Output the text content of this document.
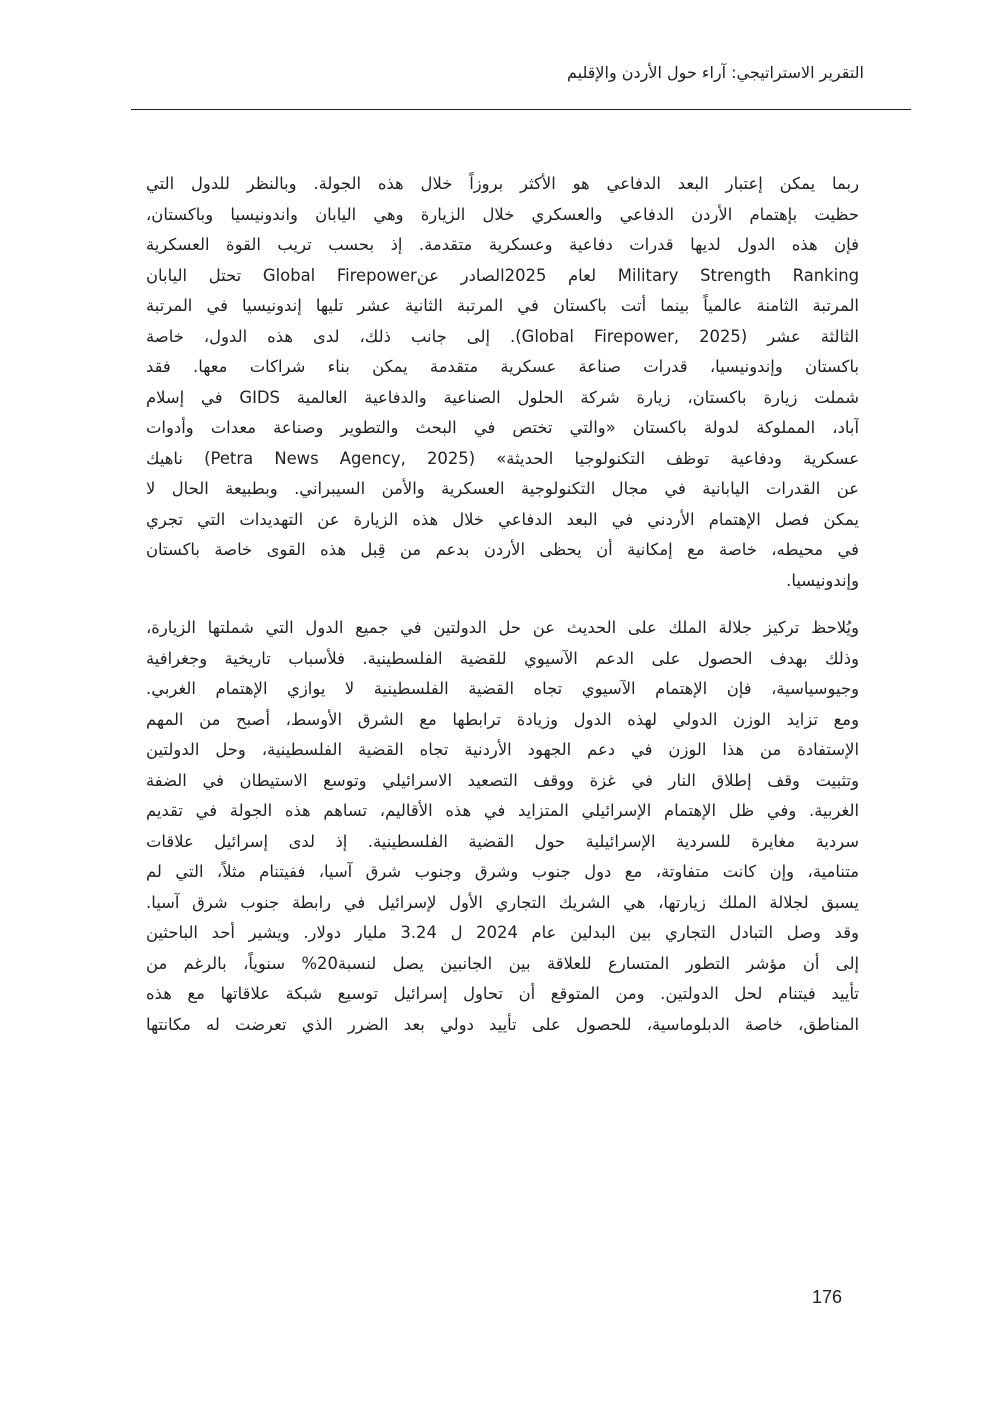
التقرير الاستراتيجي: آراء حول الأردن والإقليم

ربما يمكن إعتبار البعد الدفاعي هو الأكثر بروزاً خلال هذه الجولة. وبالنظر للدول التي
حظيت بإهتمام الأردن الدفاعي والعسكري خلال الزيارة وهي اليابان واندونيسيا وباكستان،
فإن هذه الدول لديها قدرات دفاعية وعسكرية متقدمة. إذ بحسب تريب القوة العسكرية
Military Strength Ranking لعام 2025الصادر عنGlobal Firepower تحتل اليابان
المرتبة الثامنة عالمياً بينما أتت باكستان في المرتبة الثانية عشر تليها إندونيسيا في المرتبة
الثالثة عشر (Global Firepower, 2025). إلى جانب ذلك، لدى هذه الدول، خاصة
باكستان وإندونيسيا، قدرات صناعة عسكرية متقدمة يمكن بناء شراكات معها. فقد
شملت زيارة باكستان، زيارة شركة الحلول الصناعية والدفاعية العالمية GIDS في إسلام
آباد، المملوكة لدولة باكستان «والتي تختص في البحث والتطوير وصناعة معدات وأدوات
عسكرية ودفاعية توظف التكنولوجيا الحديثة» (Petra News Agency, 2025) ناهيك
عن القدرات اليابانية في مجال التكنولوجية العسكرية والأمن السيبراني. وبطبيعة الحال لا
يمكن فصل الإهتمام الأردني في البعد الدفاعي خلال هذه الزيارة عن التهديدات التي تجري
في محيطه، خاصة مع إمكانية أن يحظى الأردن بدعم من قِبل هذه القوى خاصة باكستان
وإندونيسيا.

ويُلاحظ تركيز جلالة الملك على الحديث عن حل الدولتين في جميع الدول التي شملتها الزيارة،
وذلك بهدف الحصول على الدعم الآسيوي للقضية الفلسطينية. فلأسباب تاريخية وجغرافية
وجيوسياسية، فإن الإهتمام الآسيوي تجاه القضية الفلسطينية لا يوازي الإهتمام الغربي.
ومع تزايد الوزن الدولي لهذه الدول وزيادة ترابطها مع الشرق الأوسط، أصبح من المهم
الإستفادة من هذا الوزن في دعم الجهود الأردنية تجاه القضية الفلسطينية، وحل الدولتين
وتثبيت وقف إطلاق النار في غزة ووقف التصعيد الاسرائيلي وتوسع الاستيطان في الضفة
الغربية. وفي ظل الإهتمام الإسرائيلي المتزايد في هذه الأقاليم، تساهم هذه الجولة في تقديم
سردية مغايرة للسردية الإسرائيلية حول القضية الفلسطينية. إذ لدى إسرائيل علاقات
متنامية، وإن كانت متفاوتة، مع دول جنوب وشرق وجنوب شرق آسيا، ففيتنام مثلاً، التي لم
يسبق لجلالة الملك زيارتها، هي الشريك التجاري الأول لإسرائيل في رابطة جنوب شرق آسيا.
وقد وصل التبادل التجاري بين البدلين عام 2024 ل 3.24 مليار دولار. ويشير أحد الباحثين
إلى أن مؤشر التطور المتسارع للعلاقة بين الجانبين يصل لنسبة20% سنوياً، بالرغم من
تأييد فيتنام لحل الدولتين. ومن المتوقع أن تحاول إسرائيل توسيع شبكة علاقاتها مع هذه
المناطق، خاصة الدبلوماسية، للحصول على تأييد دولي بعد الضرر الذي تعرضت له مكانتها

176
